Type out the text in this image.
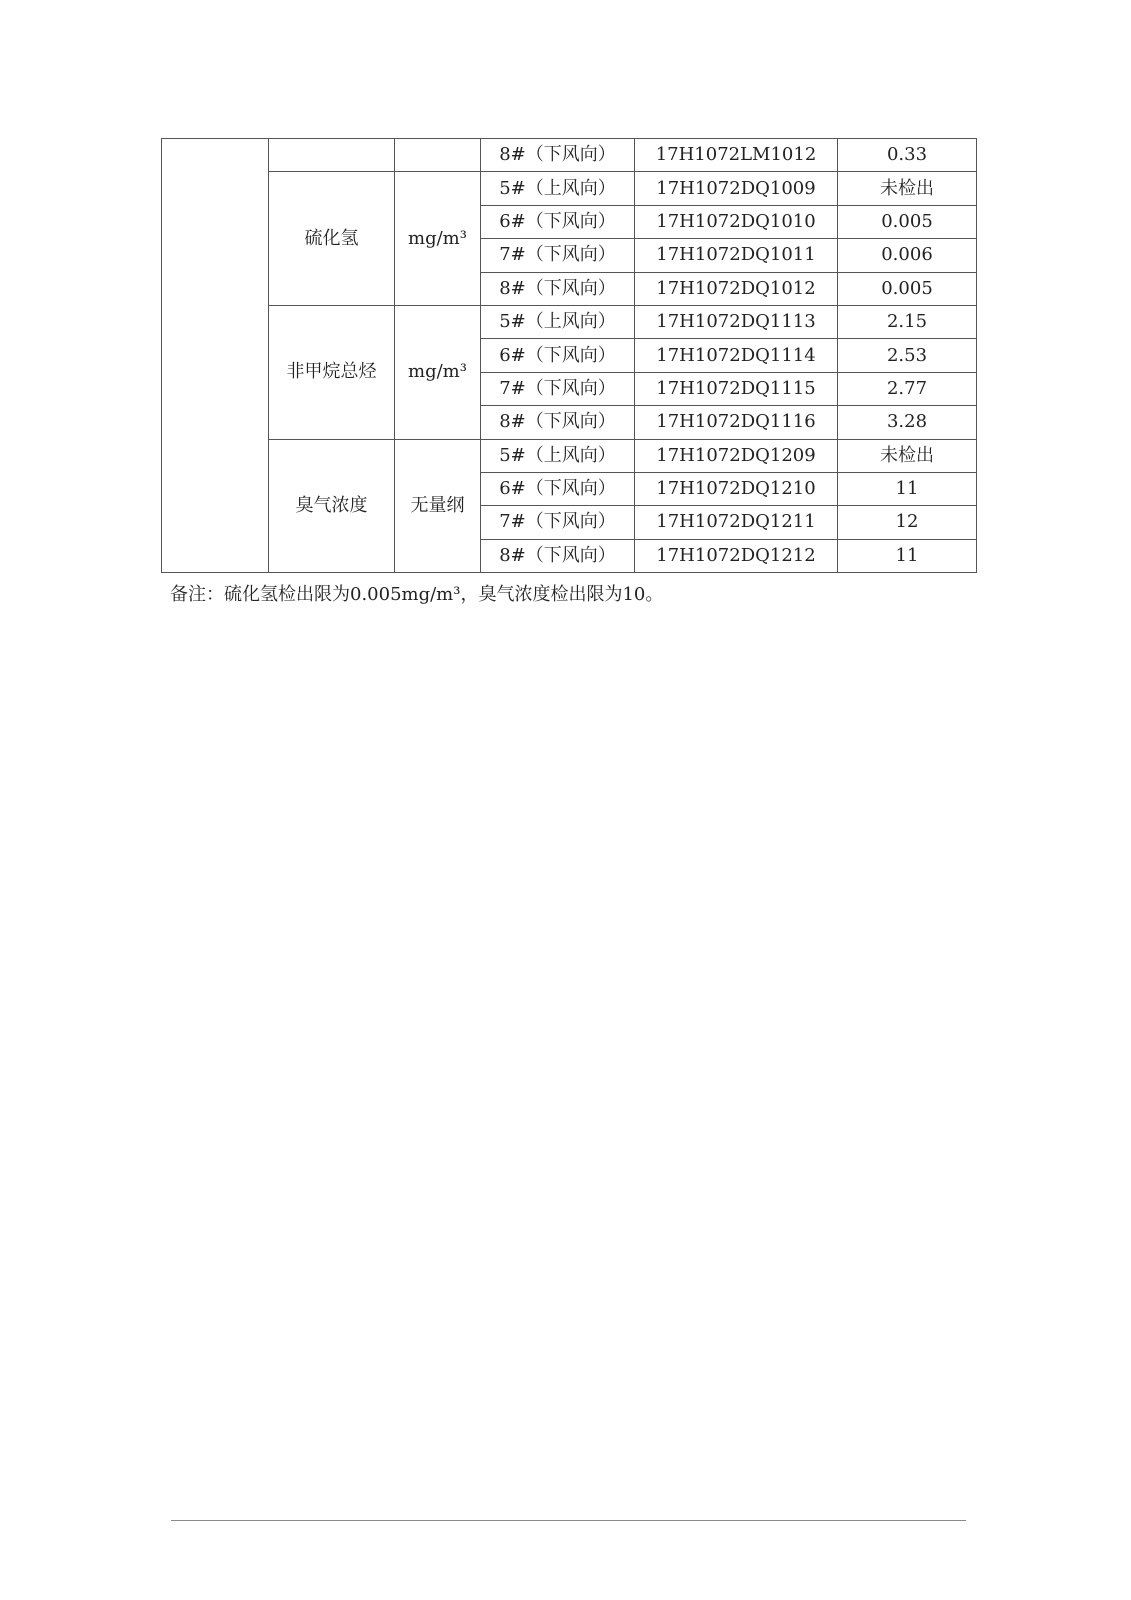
			8#（下风向）	17H1072LM1012	0.33
	硫化氢	mg/m³	5#（上风向）	17H1072DQ1009	未检出
			6#（下风向）	17H1072DQ1010	0.005
			7#（下风向）	17H1072DQ1011	0.006
			8#（下风向）	17H1072DQ1012	0.005
	非甲烷总烃	mg/m³	5#（上风向）	17H1072DQ1113	2.15
			6#（下风向）	17H1072DQ1114	2.53
			7#（下风向）	17H1072DQ1115	2.77
			8#（下风向）	17H1072DQ1116	3.28
	臭气浓度	无量纲	5#（上风向）	17H1072DQ1209	未检出
			6#（下风向）	17H1072DQ1210	11
			7#（下风向）	17H1072DQ1211	12
			8#（下风向）	17H1072DQ1212	11
备注：硫化氢检出限为0.005mg/m³，臭气浓度检出限为10。
